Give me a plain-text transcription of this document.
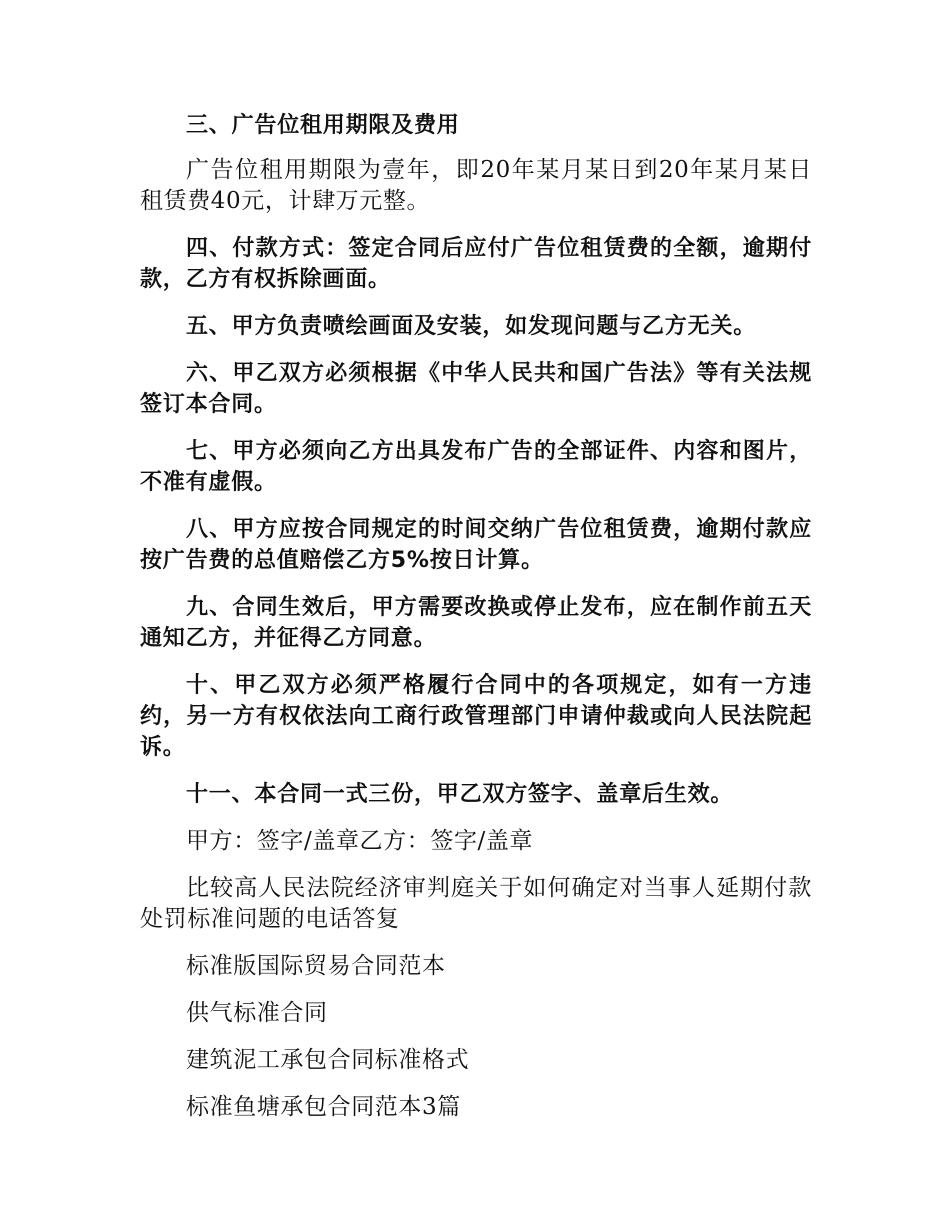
三、广告位租用期限及费用

广告位租用期限为壹年，即20年某月某日到20年某月某日租赁费40元，计肆万元整。

四、付款方式：签定合同后应付广告位租赁费的全额，逾期付款，乙方有权拆除画面。

五、甲方负责喷绘画面及安装，如发现问题与乙方无关。

六、甲乙双方必须根据《中华人民共和国广告法》等有关法规签订本合同。

七、甲方必须向乙方出具发布广告的全部证件、内容和图片，不准有虚假。

八、甲方应按合同规定的时间交纳广告位租赁费，逾期付款应按广告费的总值赔偿乙方5%按日计算。

九、合同生效后，甲方需要改换或停止发布，应在制作前五天通知乙方，并征得乙方同意。

十、甲乙双方必须严格履行合同中的各项规定，如有一方违约，另一方有权依法向工商行政管理部门申请仲裁或向人民法院起诉。

十一、本合同一式三份，甲乙双方签字、盖章后生效。

甲方：签字/盖章乙方：签字/盖章

比较高人民法院经济审判庭关于如何确定对当事人延期付款处罚标准问题的电话答复

标准版国际贸易合同范本

供气标准合同

建筑泥工承包合同标准格式

标准鱼塘承包合同范本3篇
